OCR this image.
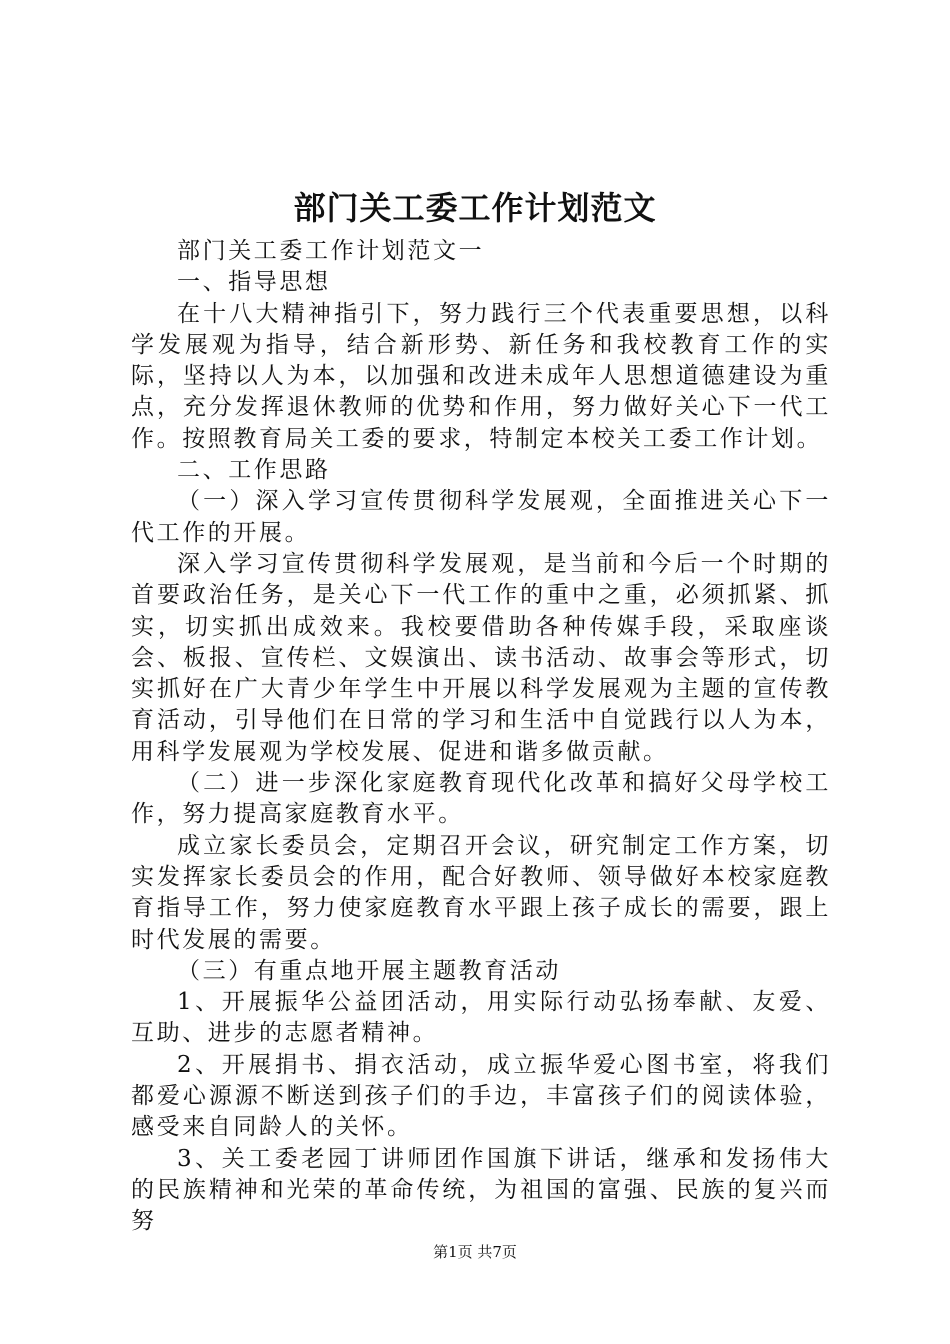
部门关工委工作计划范文

部门关工委工作计划范文一

一、指导思想

在十八大精神指引下，努力践行三个代表重要思想，以科学发展观为指导，结合新形势、新任务和我校教育工作的实际，坚持以人为本，以加强和改进未成年人思想道德建设为重点，充分发挥退休教师的优势和作用，努力做好关心下一代工作。按照教育局关工委的要求，特制定本校关工委工作计划。

二、工作思路

（一）深入学习宣传贯彻科学发展观，全面推进关心下一代工作的开展。

深入学习宣传贯彻科学发展观，是当前和今后一个时期的首要政治任务，是关心下一代工作的重中之重，必须抓紧、抓实，切实抓出成效来。我校要借助各种传媒手段，采取座谈会、板报、宣传栏、文娱演出、读书活动、故事会等形式，切实抓好在广大青少年学生中开展以科学发展观为主题的宣传教育活动，引导他们在日常的学习和生活中自觉践行以人为本，用科学发展观为学校发展、促进和谐多做贡献。

（二）进一步深化家庭教育现代化改革和搞好父母学校工作，努力提高家庭教育水平。

成立家长委员会，定期召开会议，研究制定工作方案，切实发挥家长委员会的作用，配合好教师、领导做好本校家庭教育指导工作，努力使家庭教育水平跟上孩子成长的需要，跟上时代发展的需要。

（三）有重点地开展主题教育活动

1、开展振华公益团活动，用实际行动弘扬奉献、友爱、互助、进步的志愿者精神。

2、开展捐书、捐衣活动，成立振华爱心图书室，将我们都爱心源源不断送到孩子们的手边，丰富孩子们的阅读体验，感受来自同龄人的关怀。

3、关工委老园丁讲师团作国旗下讲话，继承和发扬伟大的民族精神和光荣的革命传统，为祖国的富强、民族的复兴而努

第1页 共7页
